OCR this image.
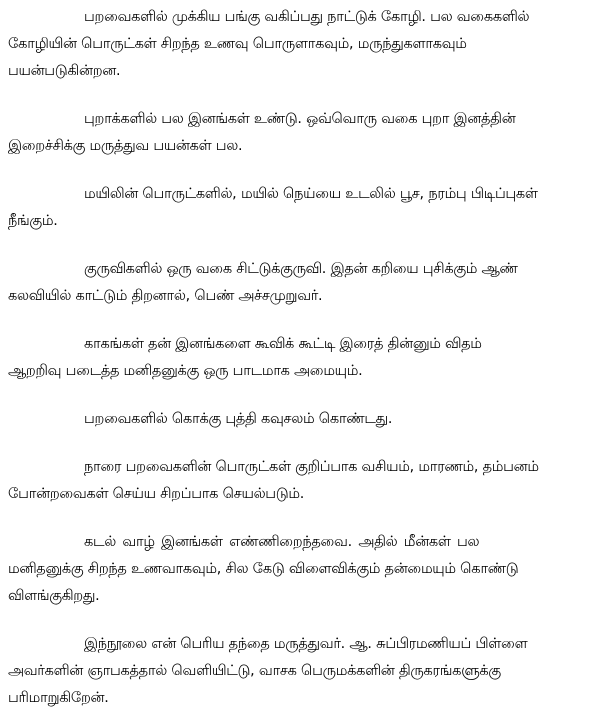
பறவைகளில் முக்கிய பங்கு வகிப்பது நாட்டுக் கோழி. பல வகைகளில்
கோழியின் பொருட்கள் சிறந்த உணவு பொருளாகவும், மருந்துகளாகவும்
பயன்படுகின்றன.
புறாக்களில் பல இனங்கள் உண்டு. ஒவ்வொரு வகை புறா இனத்தின்
இறைச்சிக்கு மருத்துவ பயன்கள் பல.
மயிலின் பொருட்களில், மயில் நெய்யை உடலில் பூச, நரம்பு பிடிப்புகள்
நீங்கும்.
குருவிகளில் ஒரு வகை சிட்டுக்குருவி. இதன் கறியை புசிக்கும் ஆண்
கலவியில் காட்டும் திறனால், பெண் அச்சமுறுவர்.
காகங்கள் தன் இனங்களை கூவிக் கூட்டி இரைத் தின்னும் விதம்
ஆறறிவு படைத்த மனிதனுக்கு ஒரு பாடமாக அமையும்.
பறவைகளில் கொக்கு புத்தி கவுசலம் கொண்டது.
நாரை பறவைகளின் பொருட்கள் குறிப்பாக வசியம், மாரணம், தம்பனம்
போன்றவைகள் செய்ய சிறப்பாக செயல்படும்.
கடல் வாழ் இனங்கள் எண்ணிறைந்தவை. அதில் மீன்கள் பல
மனிதனுக்கு சிறந்த உணவாகவும், சில கேடு விளைவிக்கும் தன்மையும் கொண்டு
விளங்குகிறது.
இந்நூலை என் பெரிய தந்தை மருத்துவர். ஆ. சுப்பிரமணியப் பிள்ளை
அவர்களின் ஞாபகத்தால் வெளியிட்டு, வாசக பெருமக்களின் திருகரங்களுக்கு
பரிமாறுகிறேன்.
